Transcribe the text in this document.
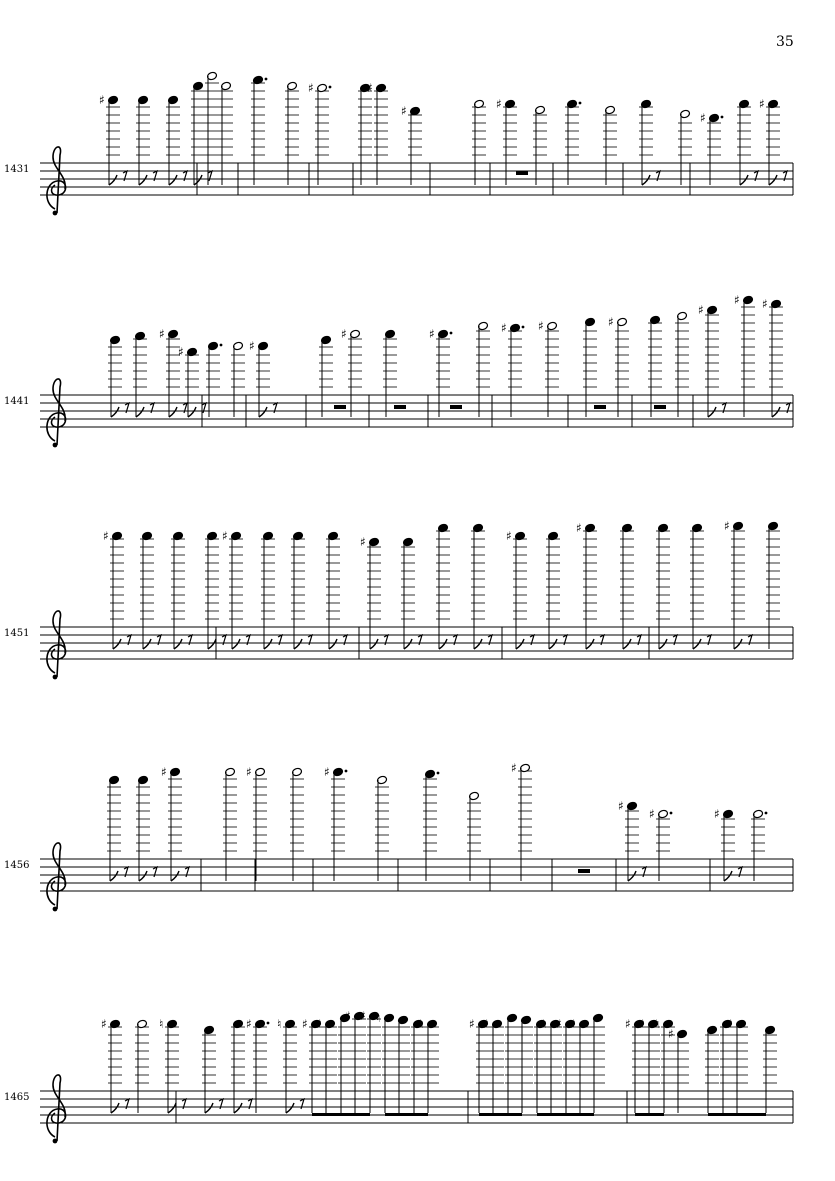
35
1431
♯
♯	♯
♯	♯
♯
♯
1441
♯
♯	♯
♯	♯	♯	♯	♯
♯
♯ ♯
1451
♯	♯	♯	♯
♯	♯
1456
♯	♯	♯	♯
♯
♯	♯
1465
♯	♮	♯ ♮ ♯ ♯
♯ ♯ ♮	♮	♯ ♯	♮ ♯ ♯	♯ ♯ ♮
♯
♯
